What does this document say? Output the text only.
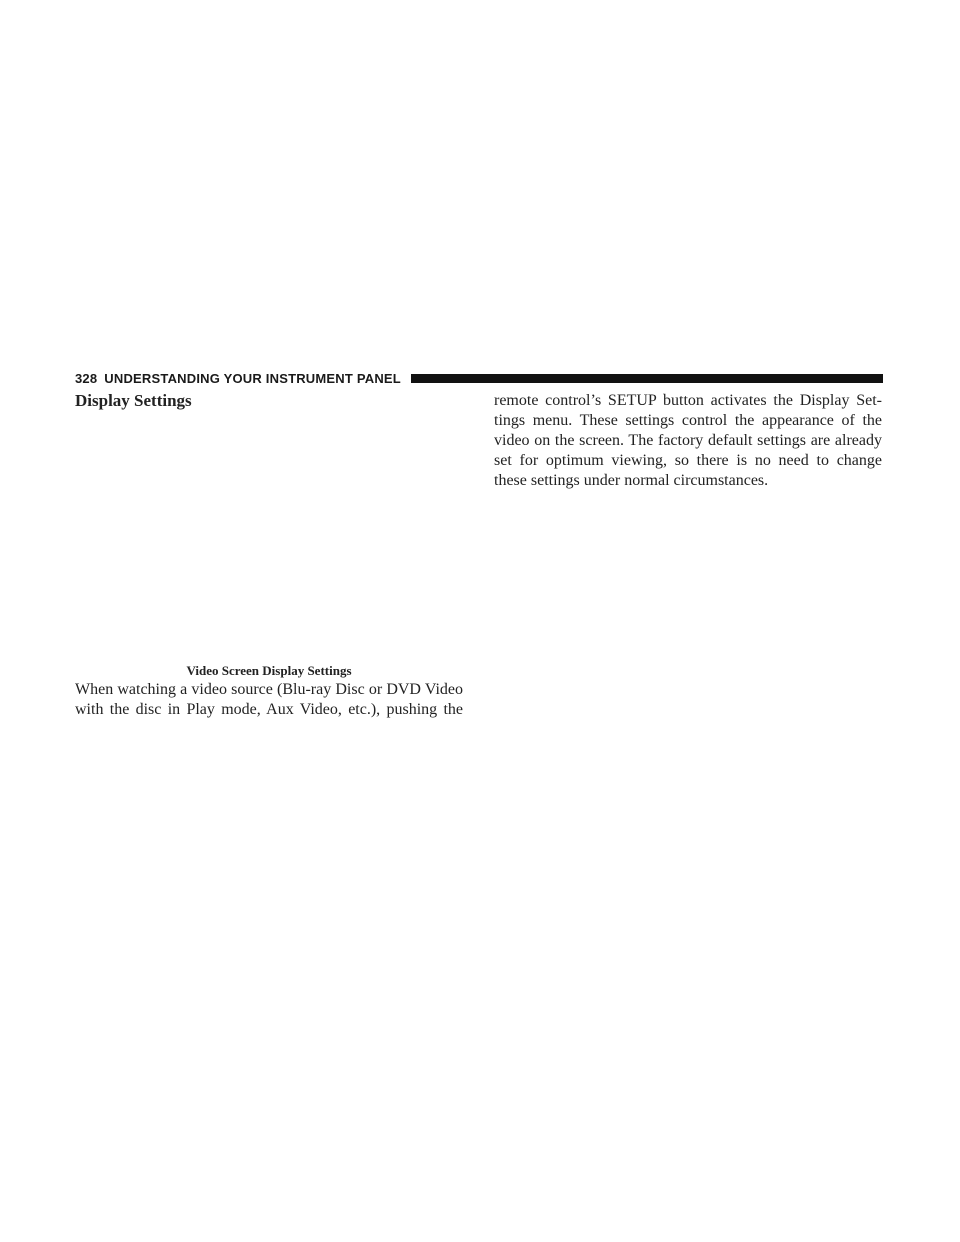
328 UNDERSTANDING YOUR INSTRUMENT PANEL
Display Settings
Video Screen Display Settings

When watching a video source (Blu-ray Disc or DVD Video
with the disc in Play mode, Aux Video, etc.), pushing the

remote control’s SETUP button activates the Display Set-
tings menu. These settings control the appearance of the
video on the screen. The factory default settings are already
set for optimum viewing, so there is no need to change
these settings under normal circumstances.
